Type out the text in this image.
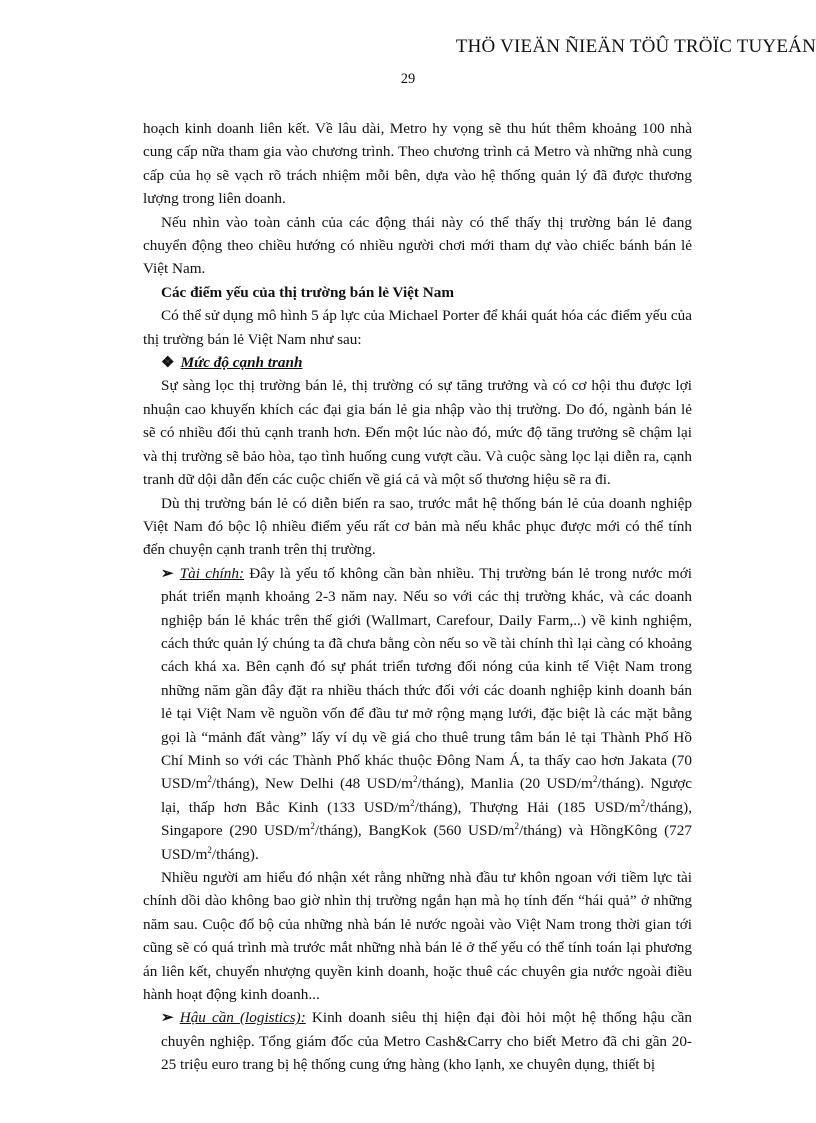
THÖ VIEÄN ÑIEÄN TÖÛ TRÖÏC TUYEÁN
29

hoạch kinh doanh liên kết. Về lâu dài, Metro hy vọng sẽ thu hút thêm khoảng 100 nhà cung cấp nữa tham gia vào chương trình. Theo chương trình cả Metro và những nhà cung cấp của họ sẽ vạch rõ trách nhiệm mỗi bên, dựa vào hệ thống quản lý đã được thương lượng trong liên doanh.

Nếu nhìn vào toàn cảnh của các động thái này có thể thấy thị trường bán lẻ đang chuyển động theo chiều hướng có nhiều người chơi mới tham dự vào chiếc bánh bán lẻ Việt Nam.

Các điểm yếu của thị trường bán lẻ Việt Nam

Có thể sử dụng mô hình 5 áp lực của Michael Porter để khái quát hóa các điểm yếu của thị trường bán lẻ Việt Nam như sau:

❖ Mức độ cạnh tranh

Sự sàng lọc thị trường bán lẻ, thị trường có sự tăng trưởng và có cơ hội thu được lợi nhuận cao khuyến khích các đại gia bán lẻ gia nhập vào thị trường. Do đó, ngành bán lẻ sẽ có nhiều đối thủ cạnh tranh hơn. Đến một lúc nào đó, mức độ tăng trưởng sẽ chậm lại và thị trường sẽ bảo hòa, tạo tình huống cung vượt cầu. Và cuộc sàng lọc lại diễn ra, cạnh tranh dữ dội dẫn đến các cuộc chiến về giá cả và một số thương hiệu sẽ ra đi.

Dù thị trường bán lẻ có diễn biến ra sao, trước mắt hệ thống bán lẻ của doanh nghiệp Việt Nam đó bộc lộ nhiều điểm yếu rất cơ bản mà nếu khắc phục được mới có thể tính đến chuyện cạnh tranh trên thị trường.

➢ Tài chính: Đây là yếu tố không cần bàn nhiều. Thị trường bán lẻ trong nước mới phát triển mạnh khoảng 2-3 năm nay. Nếu so với các thị trường khác, và các doanh nghiệp bán lẻ khác trên thế giới (Wallmart, Carefour, Daily Farm,..) về kinh nghiệm, cách thức quản lý chúng ta đã chưa bằng còn nếu so về tài chính thì lại càng có khoảng cách khá xa. Bên cạnh đó sự phát triển tương đối nóng của kinh tế Việt Nam trong những năm gần đây đặt ra nhiều thách thức đối với các doanh nghiệp kinh doanh bán lẻ tại Việt Nam về nguồn vốn để đầu tư mở rộng mạng lưới, đặc biệt là các mặt bằng gọi là “mảnh đất vàng” lấy ví dụ về giá cho thuê trung tâm bán lẻ tại Thành Phố Hồ Chí Minh so với các Thành Phố khác thuộc Đông Nam Á, ta thấy cao hơn Jakata (70 USD/$m^2/tháng$), New Delhi (48 USD/$m^2/tháng$), Manlia (20 USD/$m^2/tháng$). Ngược lại, thấp hơn Bắc Kinh (133 USD/$m^2/tháng$), Thượng Hải (185 USD/$m^2/tháng$), Singapore (290 USD/$m^2/tháng$), BangKok (560 USD/$m^2/tháng$) và HồngKông (727 USD/$m^2/tháng$).

Nhiều người am hiểu đó nhận xét rằng những nhà đầu tư khôn ngoan với tiềm lực tài chính dồi dào không bao giờ nhìn thị trường ngắn hạn mà họ tính đến “hái quả” ở những năm sau. Cuộc đổ bộ của những nhà bán lẻ nước ngoài vào Việt Nam trong thời gian tới cũng sẽ có quá trình mà trước mắt những nhà bán lẻ ở thế yếu có thể tính toán lại phương án liên kết, chuyển nhượng quyền kinh doanh, hoặc thuê các chuyên gia nước ngoài điều hành hoạt động kinh doanh...

➢ Hậu cần (logistics): Kinh doanh siêu thị hiện đại đòi hỏi một hệ thống hậu cần chuyên nghiệp. Tổng giám đốc của Metro Cash&Carry cho biết Metro đã chi gần 20-25 triệu euro trang bị hệ thống cung ứng hàng (kho lạnh, xe chuyên dụng, thiết bị
